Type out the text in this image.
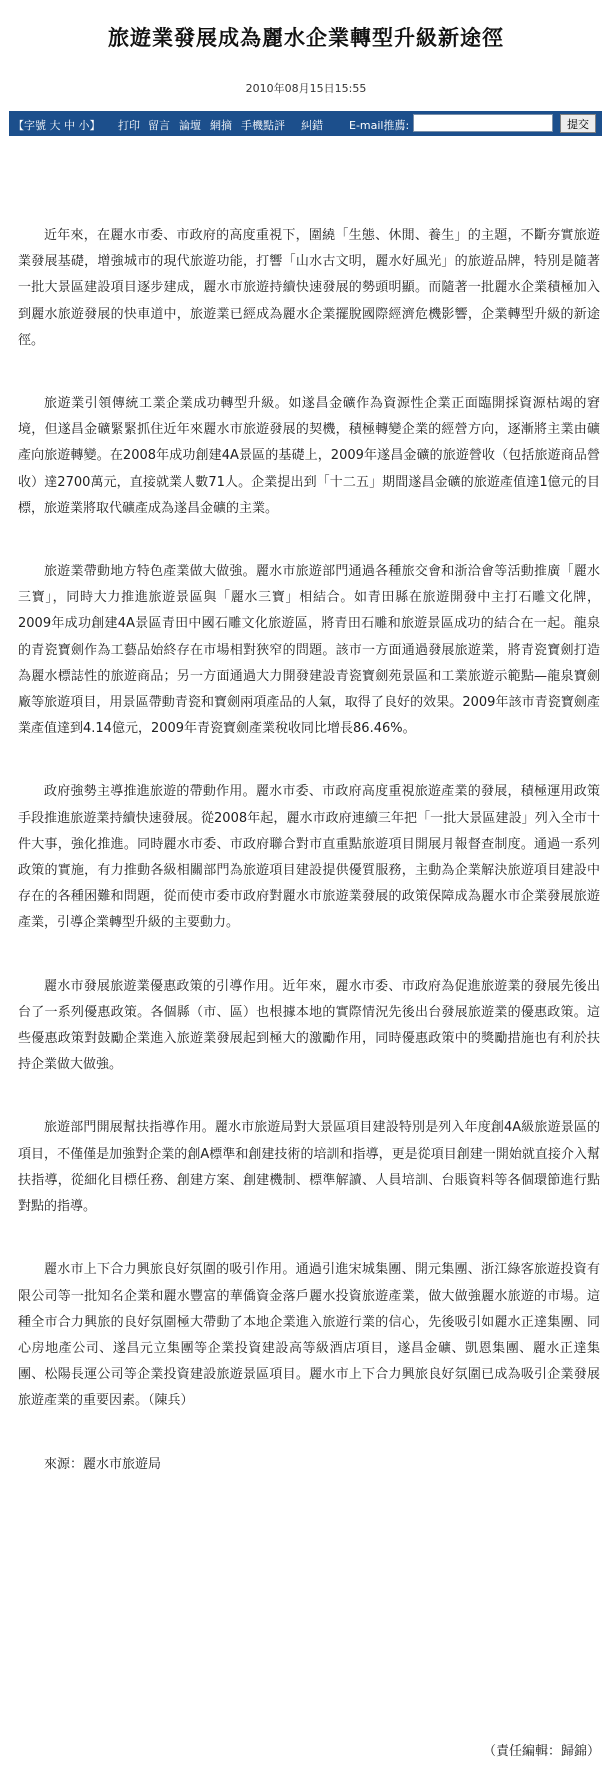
旅遊業發展成為麗水企業轉型升級新途徑
2010年08月15日15:55
【字號 大 中 小】 打印 留言 論壇 網摘 手機點評 糾錯 E-mail推薦:	提交

近年來，在麗水市委、市政府的高度重視下，圍繞「生態、休閒、養生」的主題，不斷夯實旅遊業發展基礎，增強城市的現代旅遊功能，打響「山水古文明，麗水好風光」的旅遊品牌，特別是隨著一批大景區建設項目逐步建成，麗水市旅遊持續快速發展的勢頭明顯。而隨著一批麗水企業積極加入到麗水旅遊發展的快車道中，旅遊業已經成為麗水企業擺脫國際經濟危機影響，企業轉型升級的新途徑。

旅遊業引領傳統工業企業成功轉型升級。如遂昌金礦作為資源性企業正面臨開採資源枯竭的窘境，但遂昌金礦緊緊抓住近年來麗水市旅遊發展的契機，積極轉變企業的經營方向，逐漸將主業由礦產向旅遊轉變。在2008年成功創建4A景區的基礎上，2009年遂昌金礦的旅遊營收（包括旅遊商品營收）達2700萬元，直接就業人數71人。企業提出到「十二五」期間遂昌金礦的旅遊產值達1億元的目標，旅遊業將取代礦產成為遂昌金礦的主業。

旅遊業帶動地方特色產業做大做強。麗水市旅遊部門通過各種旅交會和浙洽會等活動推廣「麗水三寶」，同時大力推進旅遊景區與「麗水三寶」相結合。如青田縣在旅遊開發中主打石雕文化牌，2009年成功創建4A景區青田中國石雕文化旅遊區，將青田石雕和旅遊景區成功的結合在一起。龍泉的青瓷寶劍作為工藝品始終存在市場相對狹窄的問題。該市一方面通過發展旅遊業，將青瓷寶劍打造為麗水標誌性的旅遊商品；另一方面通過大力開發建設青瓷寶劍苑景區和工業旅遊示範點—龍泉寶劍廠等旅遊項目，用景區帶動青瓷和寶劍兩項產品的人氣，取得了良好的效果。2009年該市青瓷寶劍產業產值達到4.14億元，2009年青瓷寶劍產業稅收同比增長86.46%。

政府強勢主導推進旅遊的帶動作用。麗水市委、市政府高度重視旅遊產業的發展，積極運用政策手段推進旅遊業持續快速發展。從2008年起，麗水市政府連續三年把「一批大景區建設」列入全市十件大事，強化推進。同時麗水市委、市政府聯合對市直重點旅遊項目開展月報督查制度。通過一系列政策的實施，有力推動各級相關部門為旅遊項目建設提供優質服務，主動為企業解決旅遊項目建設中存在的各種困難和問題，從而使市委市政府對麗水市旅遊業發展的政策保障成為麗水市企業發展旅遊產業，引導企業轉型升級的主要動力。

麗水市發展旅遊業優惠政策的引導作用。近年來，麗水市委、市政府為促進旅遊業的發展先後出台了一系列優惠政策。各個縣（市、區）也根據本地的實際情況先後出台發展旅遊業的優惠政策。這些優惠政策對鼓勵企業進入旅遊業發展起到極大的激勵作用，同時優惠政策中的獎勵措施也有利於扶持企業做大做強。

旅遊部門開展幫扶指導作用。麗水市旅遊局對大景區項目建設特別是列入年度創4A級旅遊景區的項目，不僅僅是加強對企業的創A標準和創建技術的培訓和指導，更是從項目創建一開始就直接介入幫扶指導，從細化目標任務、創建方案、創建機制、標準解讀、人員培訓、台賬資料等各個環節進行點對點的指導。

麗水市上下合力興旅良好氛圍的吸引作用。通過引進宋城集團、開元集團、浙江綠客旅遊投資有限公司等一批知名企業和麗水豐富的華僑資金落戶麗水投資旅遊產業，做大做強麗水旅遊的市場。這種全市合力興旅的良好氛圍極大帶動了本地企業進入旅遊行業的信心，先後吸引如麗水正達集團、同心房地產公司、遂昌元立集團等企業投資建設高等級酒店項目，遂昌金礦、凱恩集團、麗水正達集團、松陽長運公司等企業投資建設旅遊景區項目。麗水市上下合力興旅良好氛圍已成為吸引企業發展旅遊產業的重要因素。（陳兵）

來源：麗水市旅遊局

（責任編輯：歸錦）
